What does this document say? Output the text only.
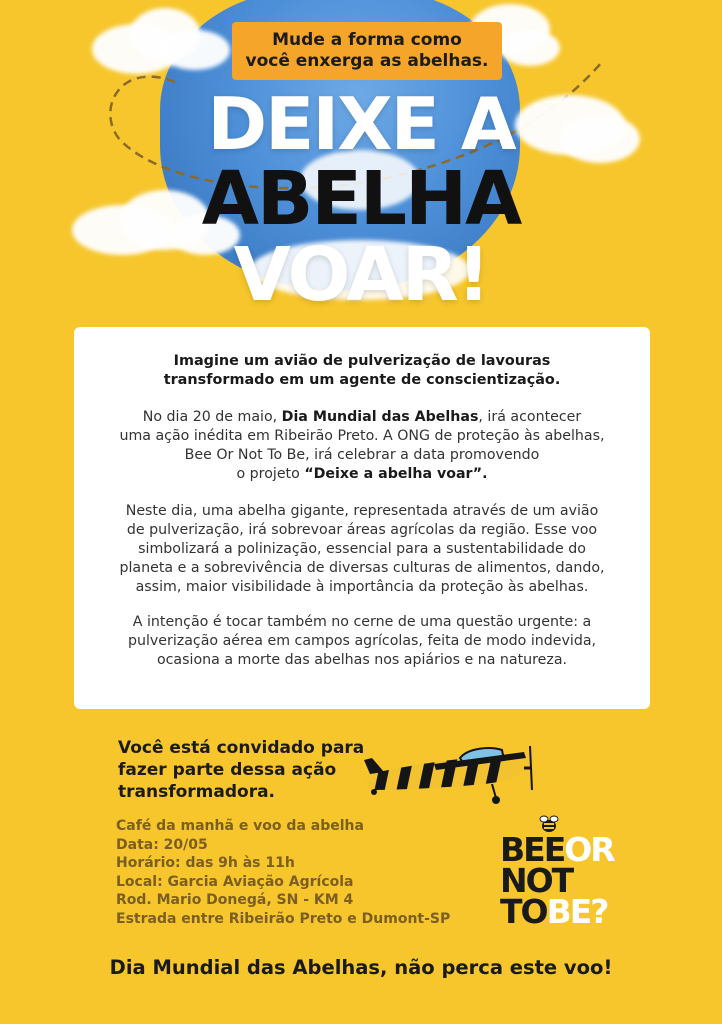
Mude a forma como
você enxerga as abelhas.
DEIXE A
ABELHA
VOAR!

Imagine um avião de pulverização de lavouras
transformado em um agente de conscientização.

No dia 20 de maio, Dia Mundial das Abelhas, irá acontecer
uma ação inédita em Ribeirão Preto. A ONG de proteção às abelhas,
Bee Or Not To Be, irá celebrar a data promovendo
o projeto “Deixe a abelha voar”.

Neste dia, uma abelha gigante, representada através de um avião
de pulverização, irá sobrevoar áreas agrícolas da região. Esse voo
simbolizará a polinização, essencial para a sustentabilidade do
planeta e a sobrevivência de diversas culturas de alimentos, dando,
assim, maior visibilidade à importância da proteção às abelhas.

A intenção é tocar também no cerne de uma questão urgente: a
pulverização aérea em campos agrícolas, feita de modo indevida,
ocasiona a morte das abelhas nos apiários e na natureza.

Você está convidado para
fazer parte dessa ação
transformadora.
Café da manhã e voo da abelha
Data: 20/05
Horário: das 9h às 11h
Local: Garcia Aviação Agrícola
Rod. Mario Donegá, SN - KM 4
Estrada entre Ribeirão Preto e Dumont-SP
BEEOR
NOT
TOBE?
Dia Mundial das Abelhas, não perca este voo!
